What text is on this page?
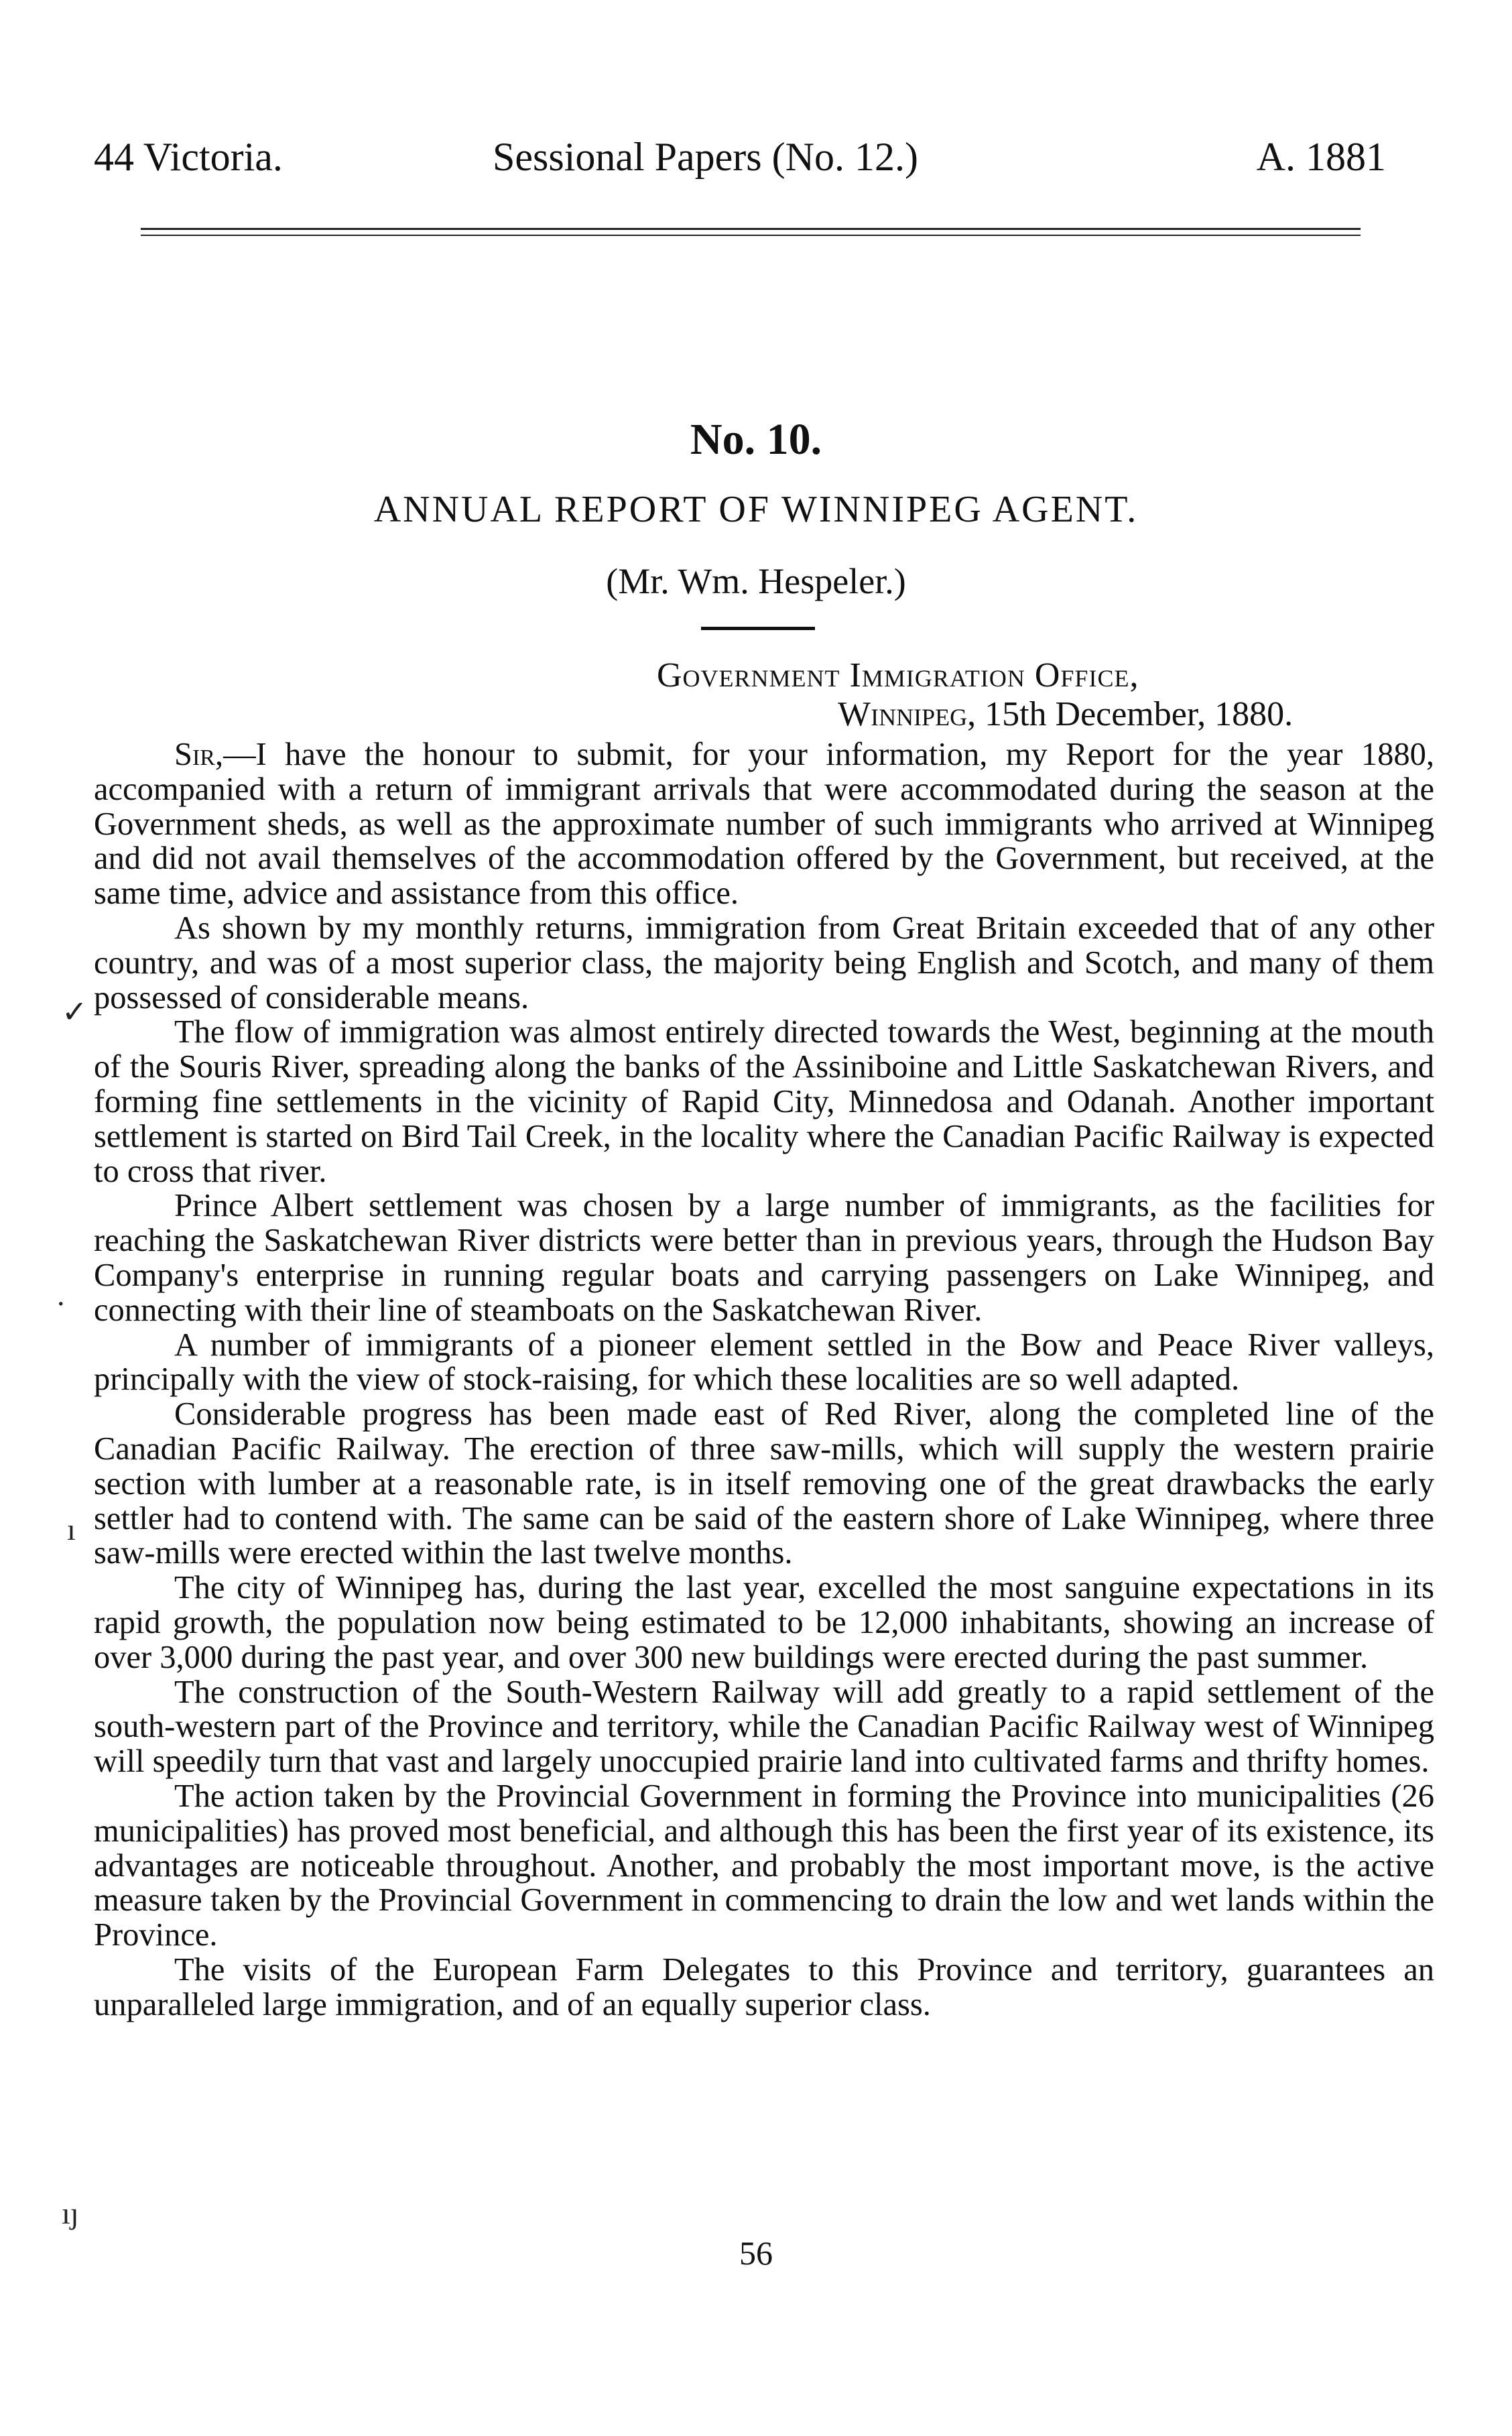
44 Victoria.	Sessional Papers (No. 12.)	A. 1881
No. 10.
ANNUAL REPORT OF WINNIPEG AGENT.
(Mr. Wm. Hespeler.)
Government Immigration Office,
Winnipeg, 15th December, 1880.

Sir,—I have the honour to submit, for your information, my Report for the year 1880, accompanied with a return of immigrant arrivals that were accommodated during the season at the Government sheds, as well as the approximate number of such immigrants who arrived at Winnipeg and did not avail themselves of the accommodation offered by the Government, but received, at the same time, advice and assistance from this office.

As shown by my monthly returns, immigration from Great Britain exceeded that of any other country, and was of a most superior class, the majority being English and Scotch, and many of them possessed of considerable means.

The flow of immigration was almost entirely directed towards the West, beginning at the mouth of the Souris River, spreading along the banks of the Assiniboine and Little Saskatchewan Rivers, and forming fine settlements in the vicinity of Rapid City, Minnedosa and Odanah. Another important settlement is started on Bird Tail Creek, in the locality where the Canadian Pacific Railway is expected to cross that river.

Prince Albert settlement was chosen by a large number of immigrants, as the facilities for reaching the Saskatchewan River districts were better than in previous years, through the Hudson Bay Company's enterprise in running regular boats and carrying passengers on Lake Winnipeg, and connecting with their line of steamboats on the Saskatchewan River.

A number of immigrants of a pioneer element settled in the Bow and Peace River valleys, principally with the view of stock-raising, for which these localities are so well adapted.

Considerable progress has been made east of Red River, along the completed line of the Canadian Pacific Railway. The erection of three saw-mills, which will supply the western prairie section with lumber at a reasonable rate, is in itself removing one of the great drawbacks the early settler had to contend with. The same can be said of the eastern shore of Lake Winnipeg, where three saw-mills were erected within the last twelve months.

The city of Winnipeg has, during the last year, excelled the most sanguine expectations in its rapid growth, the population now being estimated to be 12,000 inhabitants, showing an increase of over 3,000 during the past year, and over 300 new buildings were erected during the past summer.

The construction of the South-Western Railway will add greatly to a rapid settlement of the south-western part of the Province and territory, while the Canadian Pacific Railway west of Winnipeg will speedily turn that vast and largely unoccupied prairie land into cultivated farms and thrifty homes.

The action taken by the Provincial Government in forming the Province into municipalities (26 municipalities) has proved most beneficial, and although this has been the first year of its existence, its advantages are noticeable throughout. Another, and probably the most important move, is the active measure taken by the Provincial Government in commencing to drain the low and wet lands within the Province.

The visits of the European Farm Delegates to this Province and territory, guarantees an unparalleled large immigration, and of an equally superior class.

✓
.
ı
ıȷ
56
